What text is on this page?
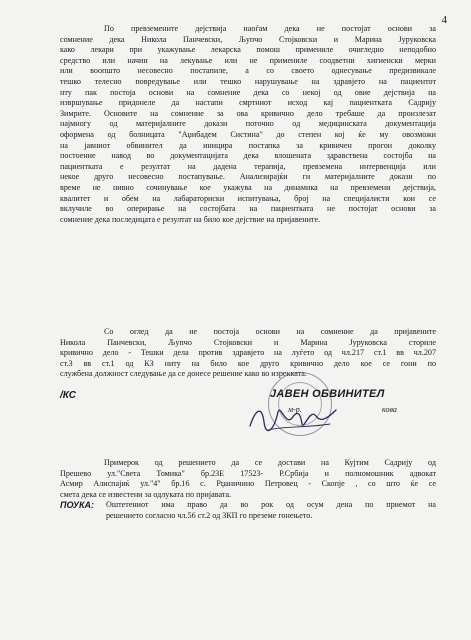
4
По превземените дејствија наоѓам дека не постојат основи за
сомнение дека Никола Панчевски, Љупчо Стојковски и Марина Јуруковска
како лекари при укажување лекарска помош примениле очигледно неподобно
средство или начин на лекување или не примениле соодветни хигиенски мерки
или воопшто несовесно постапиле, а со своето однесување предизвикале
тешко телесно повредување или тешко нарушување на здравјето на пациентот
нту пак постоја основи на сомнение дека со некој од овие дејствија на
извршување придонеле да настапи смртниот исход кај пациентката Садрију
Зимрите. Основите на сомнение за ова кривично дело требаше да произлезат
најмногу од материјалните докази поточно од медицинската документација
оформена од болницата "Аџибадем Систина" до степен кој ќе му овозможи
на јавниот обвинител да иницира постапка за кривичен прогон доколку
постоение навод во документацијата дека влошената здравствена состојба на
пациентката е резултат на дадена терапија, превземена интервенција или
некое друго несовесно постапување. Анализирајќи ги материјалните докази по
време не нивно сочинување кое укажува на динамика на превземени дејствија,
квалитет и обем на лабараториски испитувања, број на специјалисти кои се
вклучиле во оперирање на состојбата на пациентката не постојат основи за
сомнение дека последицата е резултат на било кое дејствие на пријавените.
Со оглед да не постоја основи на сомнение да пријавените
Никола Панчевски, Љупчо Стојковски и Марина Јуруковска сториле
кривично дело - Тешки дела против здравјето на луѓето од чл.217 ст.1 вв чл.207
ст.3 вв ст.1 од КЗ ниту на било кое друго кривично дело кое се гони по
службена должност следување да се донесе решение како во изрекката.
/КС	ЈАВЕН ОБВИНИТЕЛ
м-р.	кова
Примерок од решението да се достави на Кујтим Садрију од
Прешево ул."Света Томика" бр.23Е 17523- Р.Србија и полномошник адвокат
Асмир Алиспајиќ ул."4" бр.16 с. Рџаничино Петровец - Скопје , со што ќе се
смета дека се известени за одлуката по пријавата.
ПОУКА: Оштетениот има право да во рок од осум дена по приемот на
решението согласно чл.56 ст.2 од ЗКП го преземе гонењето.
